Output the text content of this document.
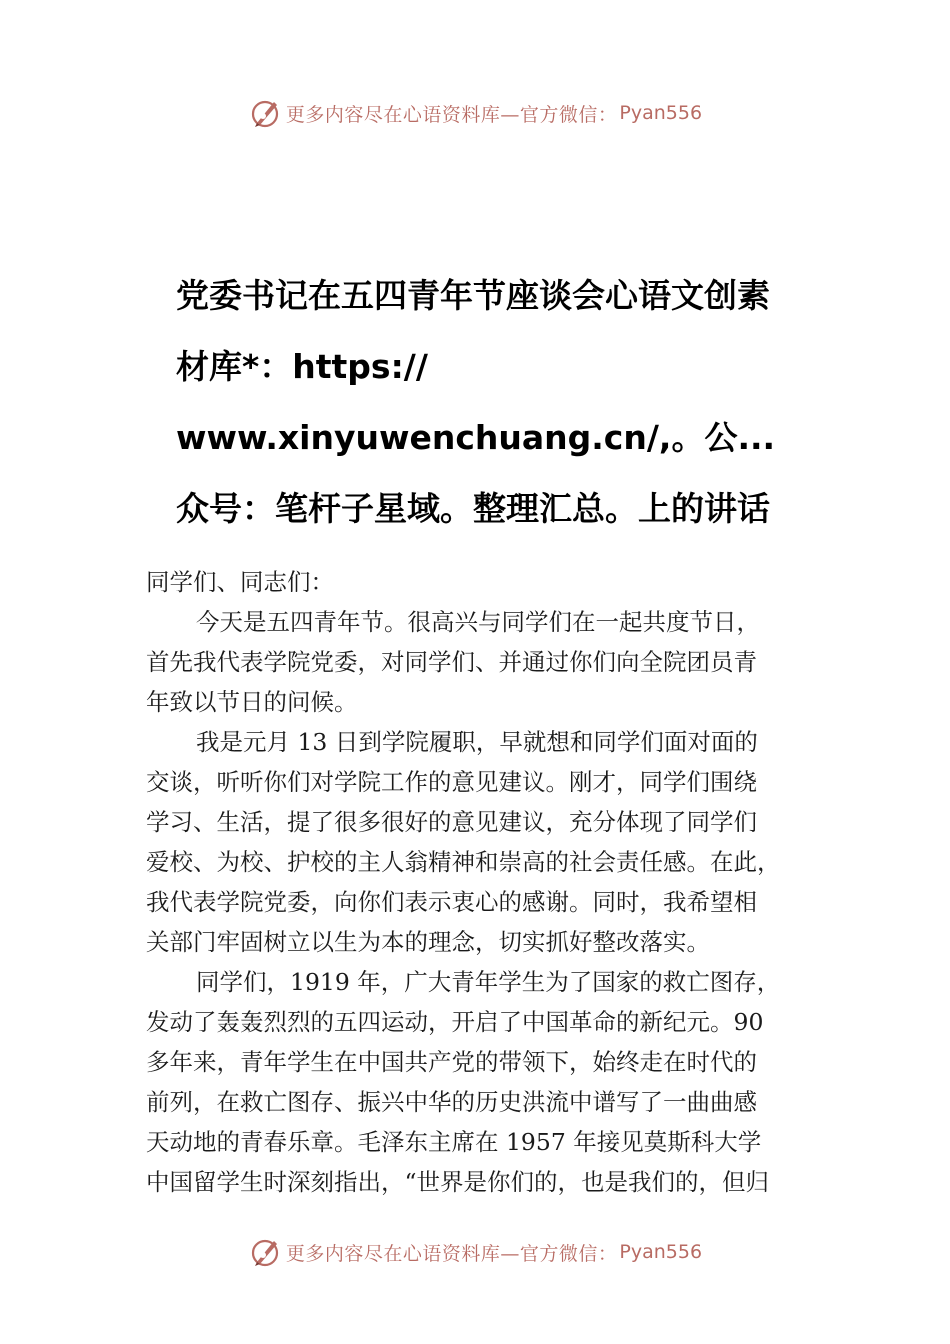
更多内容尽在心语资料库—官方微信： Pyan556
党委书记在五四青年节座谈会心语文创素
材库*：https://
www.xinyuwenchuang.cn/,。公...
众号：笔杆子星域。整理汇总。上的讲话
同学们、同志们：
今天是五四青年节。很高兴与同学们在一起共度节日，
首先我代表学院党委，对同学们、并通过你们向全院团员青
年致以节日的问候。
我是元月 13 日到学院履职，早就想和同学们面对面的
交谈，听听你们对学院工作的意见建议。刚才，同学们围绕
学习、生活，提了很多很好的意见建议，充分体现了同学们
爱校、为校、护校的主人翁精神和崇高的社会责任感。在此，
我代表学院党委，向你们表示衷心的感谢。同时，我希望相
关部门牢固树立以生为本的理念，切实抓好整改落实。
同学们，1919 年，广大青年学生为了国家的救亡图存，
发动了轰轰烈烈的五四运动，开启了中国革命的新纪元。90
多年来，青年学生在中国共产党的带领下，始终走在时代的
前列，在救亡图存、振兴中华的历史洪流中谱写了一曲曲感
天动地的青春乐章。毛泽东主席在 1957 年接见莫斯科大学
中国留学生时深刻指出，“世界是你们的，也是我们的，但归
更多内容尽在心语资料库—官方微信： Pyan556
